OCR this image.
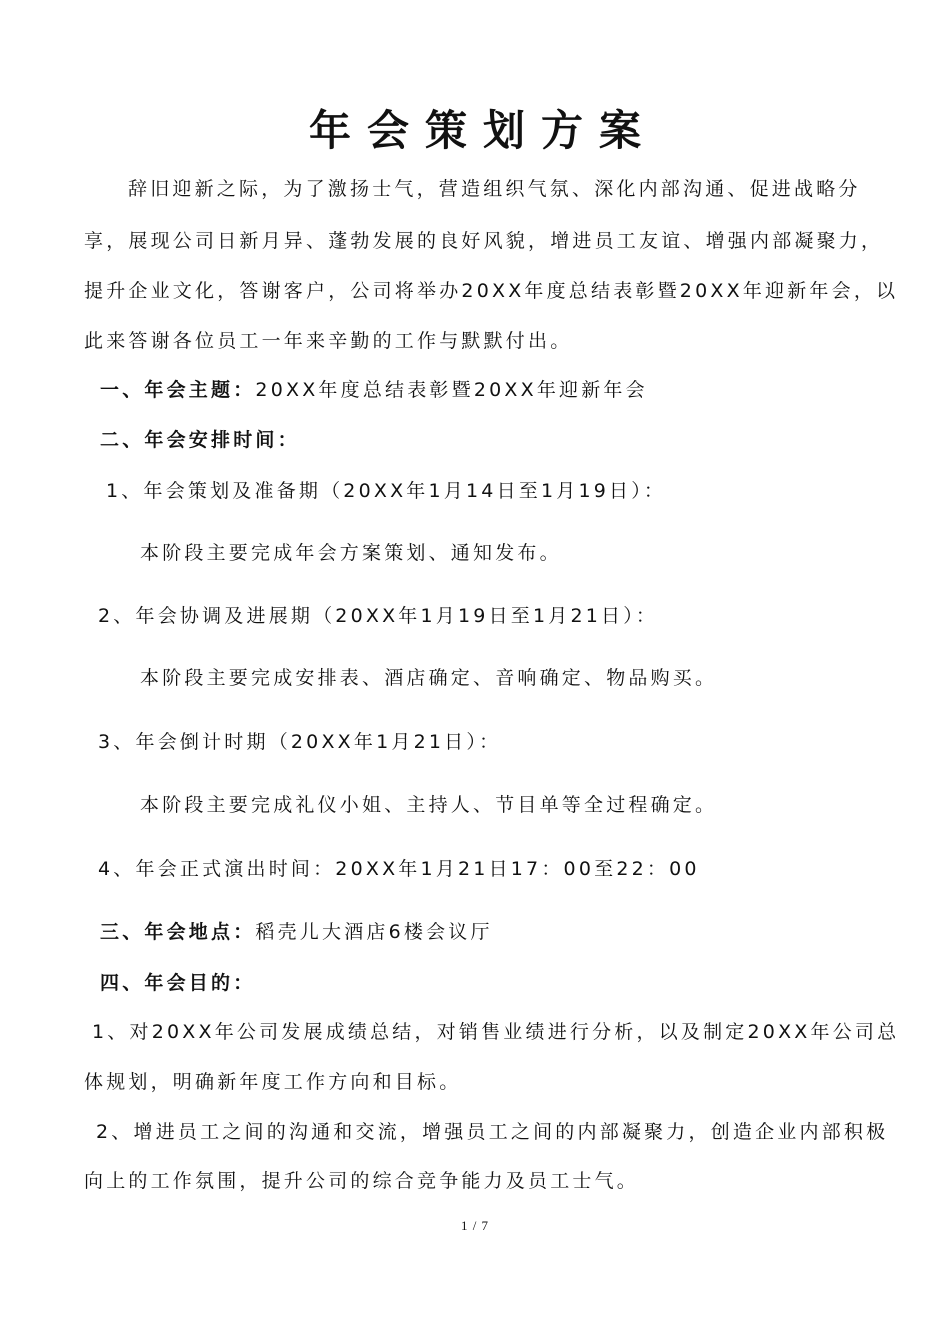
年会策划方案
辞旧迎新之际，为了激扬士气，营造组织气氛、深化内部沟通、促进战略分
享，展现公司日新月异、蓬勃发展的良好风貌，增进员工友谊、增强内部凝聚力，
提升企业文化，答谢客户，公司将举办20XX年度总结表彰暨20XX年迎新年会，以
此来答谢各位员工一年来辛勤的工作与默默付出。
一、年会主题：20XX年度总结表彰暨20XX年迎新年会
二、年会安排时间：
1、年会策划及准备期（20XX年1月14日至1月19日）：
本阶段主要完成年会方案策划、通知发布。
2、年会协调及进展期（20XX年1月19日至1月21日）：
本阶段主要完成安排表、酒店确定、音响确定、物品购买。
3、年会倒计时期（20XX年1月21日）：
本阶段主要完成礼仪小姐、主持人、节目单等全过程确定。
4、年会正式演出时间：20XX年1月21日17：00至22：00
三、年会地点：稻壳儿大酒店6楼会议厅
四、年会目的：
1、对20XX年公司发展成绩总结，对销售业绩进行分析，以及制定20XX年公司总
体规划，明确新年度工作方向和目标。
2、增进员工之间的沟通和交流，增强员工之间的内部凝聚力，创造企业内部积极
向上的工作氛围，提升公司的综合竞争能力及员工士气。
1 / 7
